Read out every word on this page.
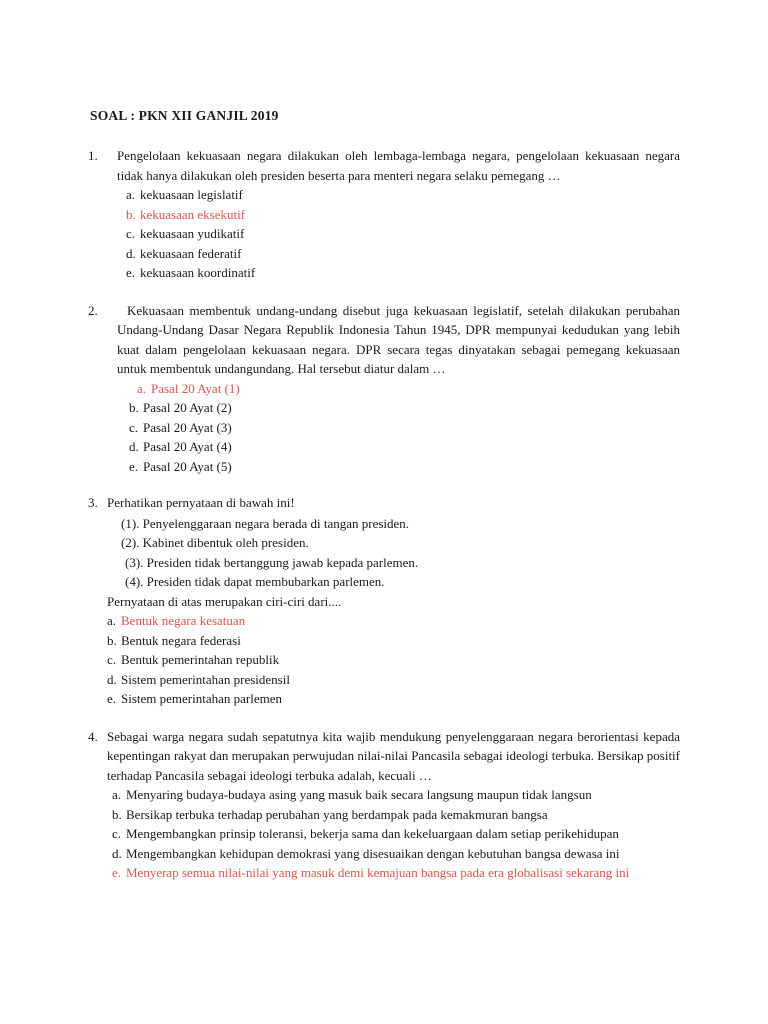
SOAL : PKN XII GANJIL 2019
1.	Pengelolaan kekuasaan negara dilakukan oleh lembaga-lembaga negara, pengelolaan kekuasaan negara tidak hanya dilakukan oleh presiden beserta para menteri negara selaku pemegang …

a. kekuasaan legislatif
b. kekuasaan eksekutif
c. kekuasaan yudikatif
d. kekuasaan federatif
e. kekuasaan koordinatif
2.	Kekuasaan membentuk undang-undang disebut juga kekuasaan legislatif, setelah dilakukan perubahan Undang-Undang Dasar Negara Republik Indonesia Tahun 1945, DPR mempunyai kedudukan yang lebih kuat dalam pengelolaan kekuasaan negara. DPR secara tegas dinyatakan sebagai pemegang kekuasaan untuk membentuk undangundang. Hal tersebut diatur dalam …

a. Pasal 20 Ayat (1)
b. Pasal 20 Ayat (2)
c. Pasal 20 Ayat (3)
d. Pasal 20 Ayat (4)
e. Pasal 20 Ayat (5)
3. Perhatikan pernyataan di bawah ini!

(1). Penyelenggaraan negara berada di tangan presiden.
(2). Kabinet dibentuk oleh presiden.
(3). Presiden tidak bertanggung jawab kepada parlemen.
(4). Presiden tidak dapat membubarkan parlemen.

Pernyataan di atas merupakan ciri-ciri dari....

a. Bentuk negara kesatuan
b. Bentuk negara federasi
c. Bentuk pemerintahan republik
d. Sistem pemerintahan presidensil
e. Sistem pemerintahan parlemen
4. Sebagai warga negara sudah sepatutnya kita wajib mendukung penyelenggaraan negara berorientasi kepada kepentingan rakyat dan merupakan perwujudan nilai-nilai Pancasila sebagai ideologi terbuka. Bersikap positif terhadap Pancasila sebagai ideologi terbuka adalah, kecuali …

a. Menyaring budaya-budaya asing yang masuk baik secara langsung maupun tidak langsun
b. Bersikap terbuka terhadap perubahan yang berdampak pada kemakmuran bangsa
c. Mengembangkan prinsip toleransi, bekerja sama dan kekeluargaan dalam setiap perikehidupan
d. Mengembangkan kehidupan demokrasi yang disesuaikan dengan kebutuhan bangsa dewasa ini
e. Menyerap semua nilai-nilai yang masuk demi kemajuan bangsa pada era globalisasi sekarang ini
